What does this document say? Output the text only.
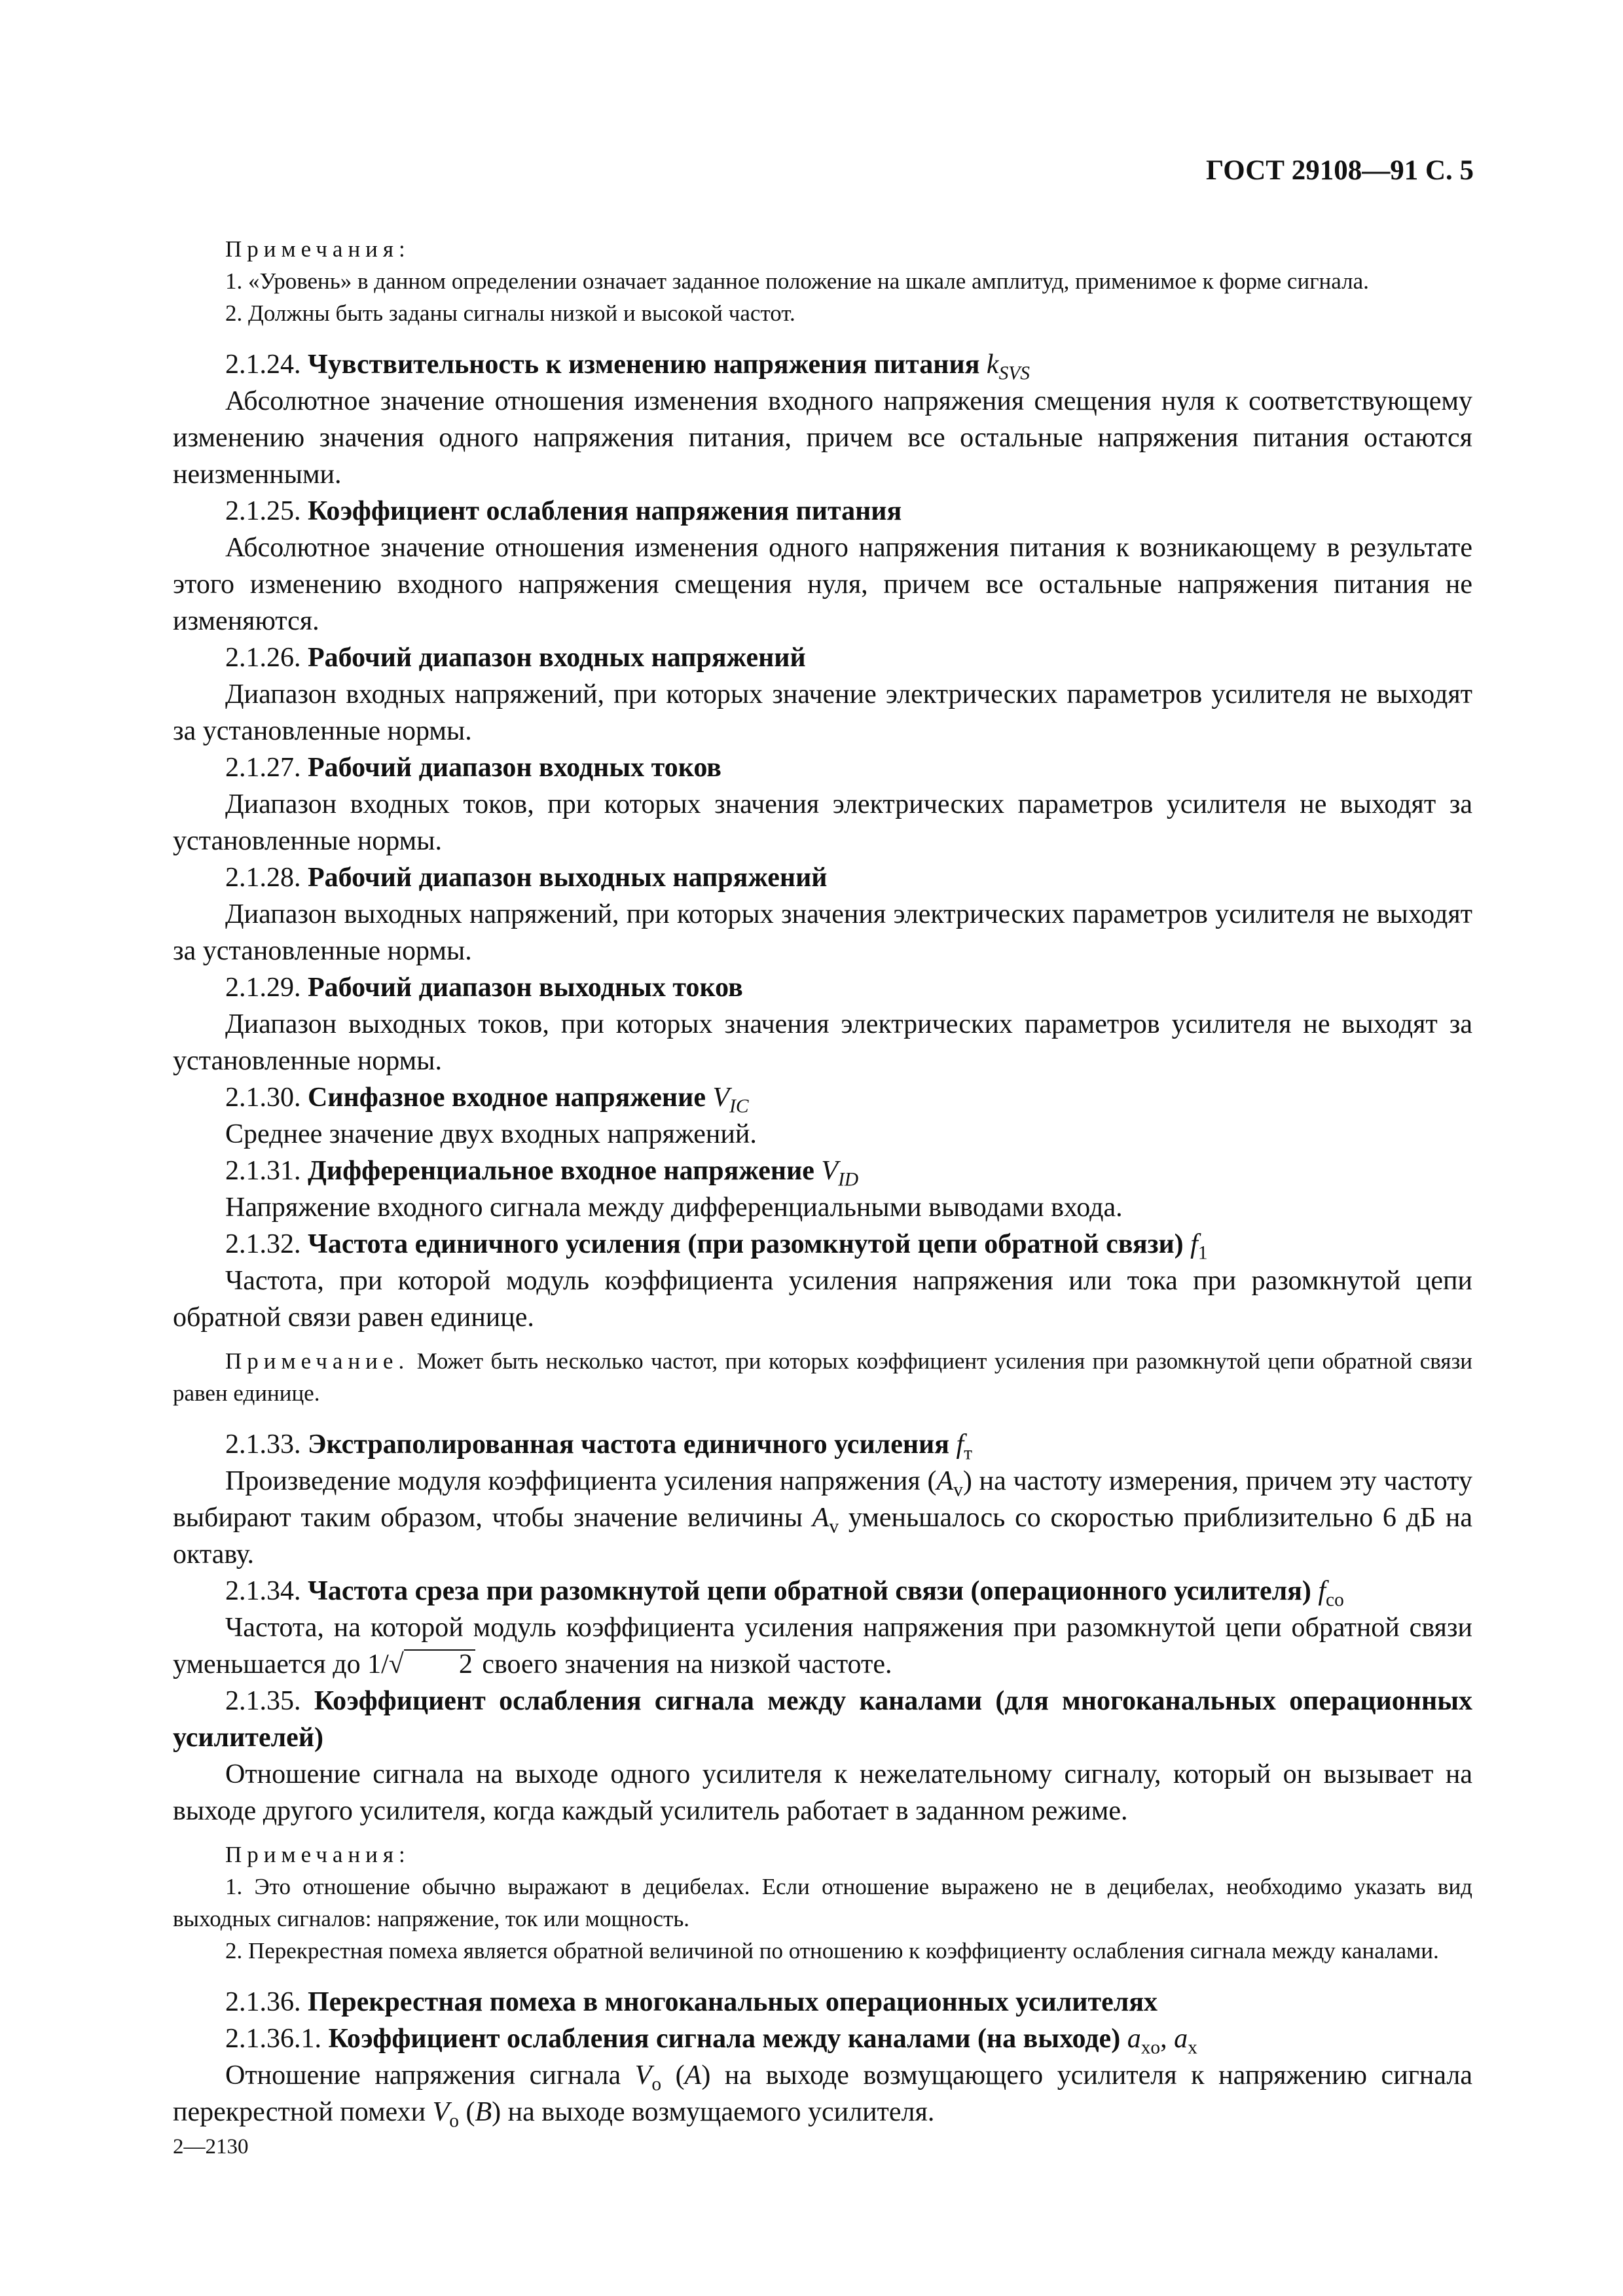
ГОСТ 29108—91 С. 5

Примечания:

1. «Уровень» в данном определении означает заданное положение на шкале амплитуд, применимое к форме сигнала.

2. Должны быть заданы сигналы низкой и высокой частот.

2.1.24. Чувствительность к изменению напряжения питания $k_{SVS}$

Абсолютное значение отношения изменения входного напряжения смещения нуля к соответствующему изменению значения одного напряжения питания, причем все остальные напряжения питания остаются неизменными.

2.1.25. Коэффициент ослабления напряжения питания

Абсолютное значение отношения изменения одного напряжения питания к возникающему в результате этого изменению входного напряжения смещения нуля, причем все остальные напряжения питания не изменяются.

2.1.26. Рабочий диапазон входных напряжений

Диапазон входных напряжений, при которых значение электрических параметров усилителя не выходят за установленные нормы.

2.1.27. Рабочий диапазон входных токов

Диапазон входных токов, при которых значения электрических параметров усилителя не выходят за установленные нормы.

2.1.28. Рабочий диапазон выходных напряжений

Диапазон выходных напряжений, при которых значения электрических параметров усилителя не выходят за установленные нормы.

2.1.29. Рабочий диапазон выходных токов

Диапазон выходных токов, при которых значения электрических параметров усилителя не выходят за установленные нормы.

2.1.30. Синфазное входное напряжение $V_{IC}$

Среднее значение двух входных напряжений.

2.1.31. Дифференциальное входное напряжение $V_{ID}$

Напряжение входного сигнала между дифференциальными выводами входа.

2.1.32. Частота единичного усиления (при разомкнутой цепи обратной связи) $f_1$

Частота, при которой модуль коэффициента усиления напряжения или тока при разомкнутой цепи обратной связи равен единице.

Примечание. Может быть несколько частот, при которых коэффициент усиления при разомкнутой цепи обратной связи равен единице.

2.1.33. Экстраполированная частота единичного усиления $f_т$

Произведение модуля коэффициента усиления напряжения $(A_v)$ на частоту измерения, причем эту частоту выбирают таким образом, чтобы значение величины $A_v$ уменьшалось со скоростью приблизительно 6 дБ на октаву.

2.1.34. Частота среза при разомкнутой цепи обратной связи (операционного усилителя) $f_{co}$

Частота, на которой модуль коэффициента усиления напряжения при разомкнутой цепи обратной связи уменьшается до 1/√ 2 своего значения на низкой частоте.

2.1.35. Коэффициент ослабления сигнала между каналами (для многоканальных операционных усилителей)

Отношение сигнала на выходе одного усилителя к нежелательному сигналу, который он вызывает на выходе другого усилителя, когда каждый усилитель работает в заданном режиме.

Примечания:

1. Это отношение обычно выражают в децибелах. Если отношение выражено не в децибелах, необходимо указать вид выходных сигналов: напряжение, ток или мощность.

2. Перекрестная помеха является обратной величиной по отношению к коэффициенту ослабления сигнала между каналами.

2.1.36. Перекрестная помеха в многоканальных операционных усилителях

2.1.36.1. Коэффициент ослабления сигнала между каналами (на выходе) $a_{xo}$, $a_x$

Отношение напряжения сигнала $V_o$ (A) на выходе возмущающего усилителя к напряжению сигнала перекрестной помехи $V_o$ (B) на выходе возмущаемого усилителя.

2—2130
